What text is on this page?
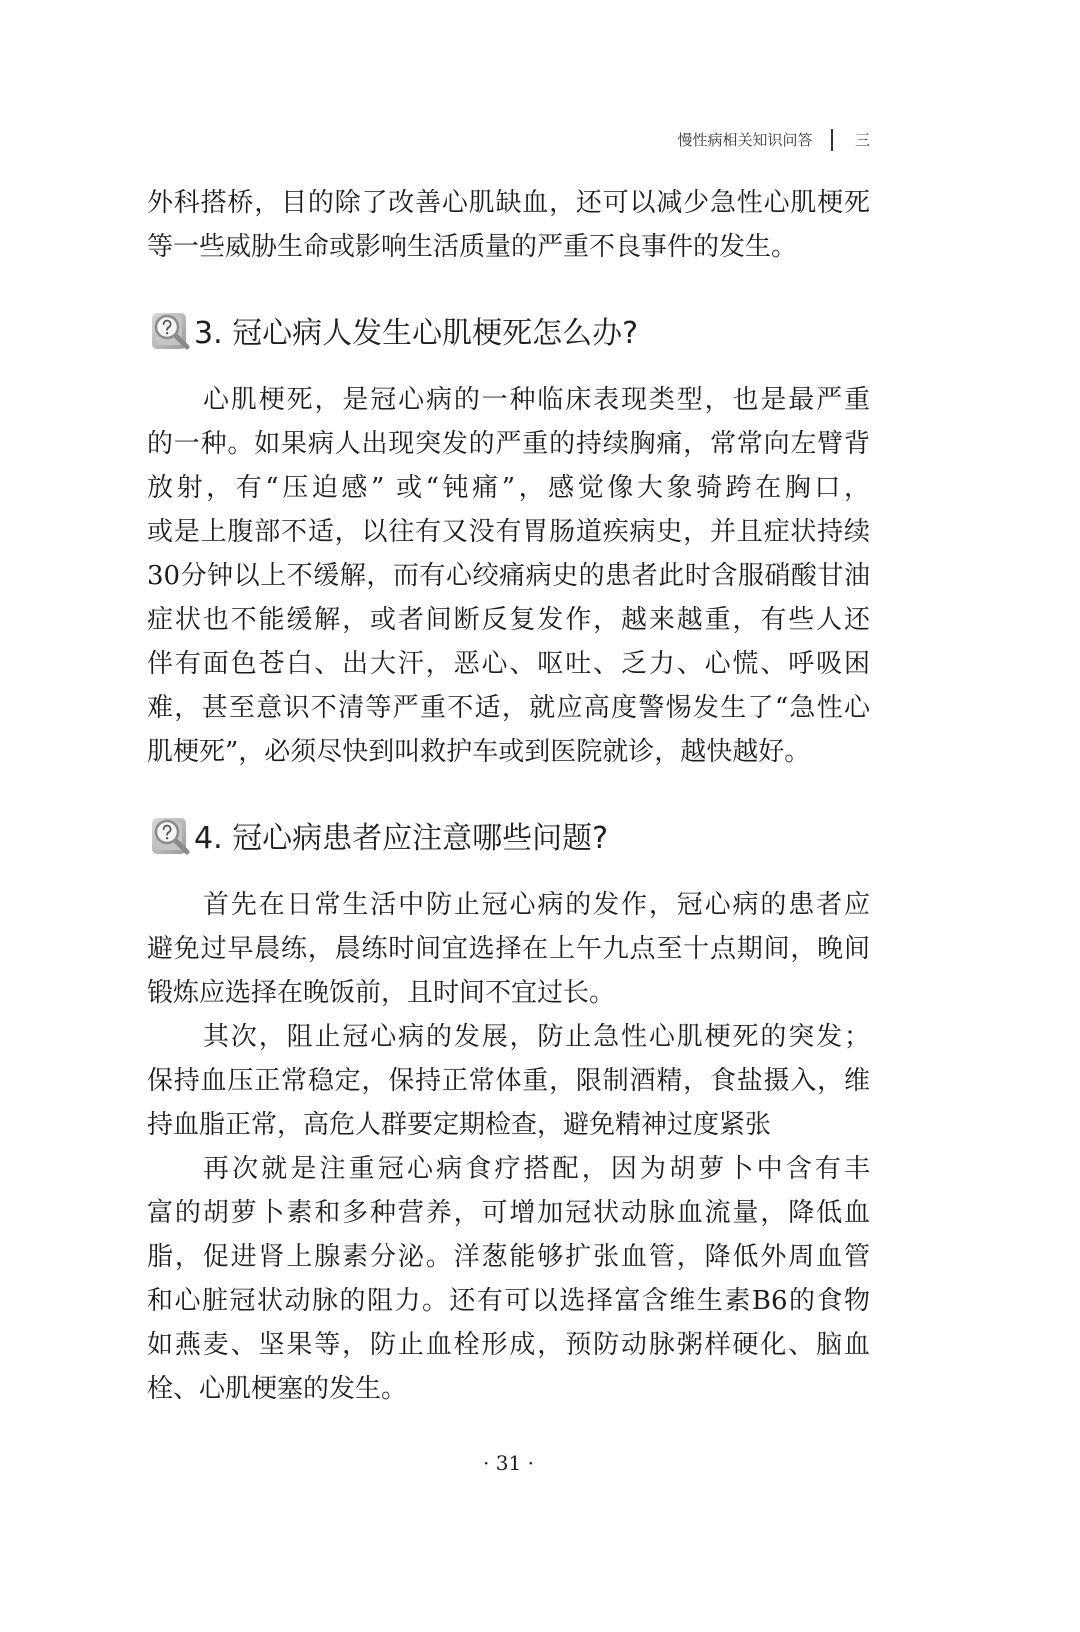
慢性病相关知识问答	三
外科搭桥，目的除了改善心肌缺血，还可以减少急性心肌梗死
等一些威胁生命或影响生活质量的严重不良事件的发生。
3. 冠心病人发生心肌梗死怎么办?
心肌梗死，是冠心病的一种临床表现类型，也是最严重
的一种。如果病人出现突发的严重的持续胸痛，常常向左臂背
放射，有“压迫感” 或“钝痛”，感觉像大象骑跨在胸口，
或是上腹部不适，以往有又没有胃肠道疾病史，并且症状持续
30分钟以上不缓解，而有心绞痛病史的患者此时含服硝酸甘油
症状也不能缓解，或者间断反复发作，越来越重，有些人还
伴有面色苍白、出大汗，恶心、呕吐、乏力、心慌、呼吸困
难，甚至意识不清等严重不适，就应高度警惕发生了“急性心
肌梗死”，必须尽快到叫救护车或到医院就诊，越快越好。
4. 冠心病患者应注意哪些问题?
首先在日常生活中防止冠心病的发作，冠心病的患者应
避免过早晨练，晨练时间宜选择在上午九点至十点期间，晚间
锻炼应选择在晚饭前，且时间不宜过长。
其次，阻止冠心病的发展，防止急性心肌梗死的突发；
保持血压正常稳定，保持正常体重，限制酒精，食盐摄入，维
持血脂正常，高危人群要定期检查，避免精神过度紧张
再次就是注重冠心病食疗搭配，因为胡萝卜中含有丰
富的胡萝卜素和多种营养，可增加冠状动脉血流量，降低血
脂，促进肾上腺素分泌。洋葱能够扩张血管，降低外周血管
和心脏冠状动脉的阻力。还有可以选择富含维生素B6的食物
如燕麦、坚果等，防止血栓形成，预防动脉粥样硬化、脑血
栓、心肌梗塞的发生。
· 31 ·
